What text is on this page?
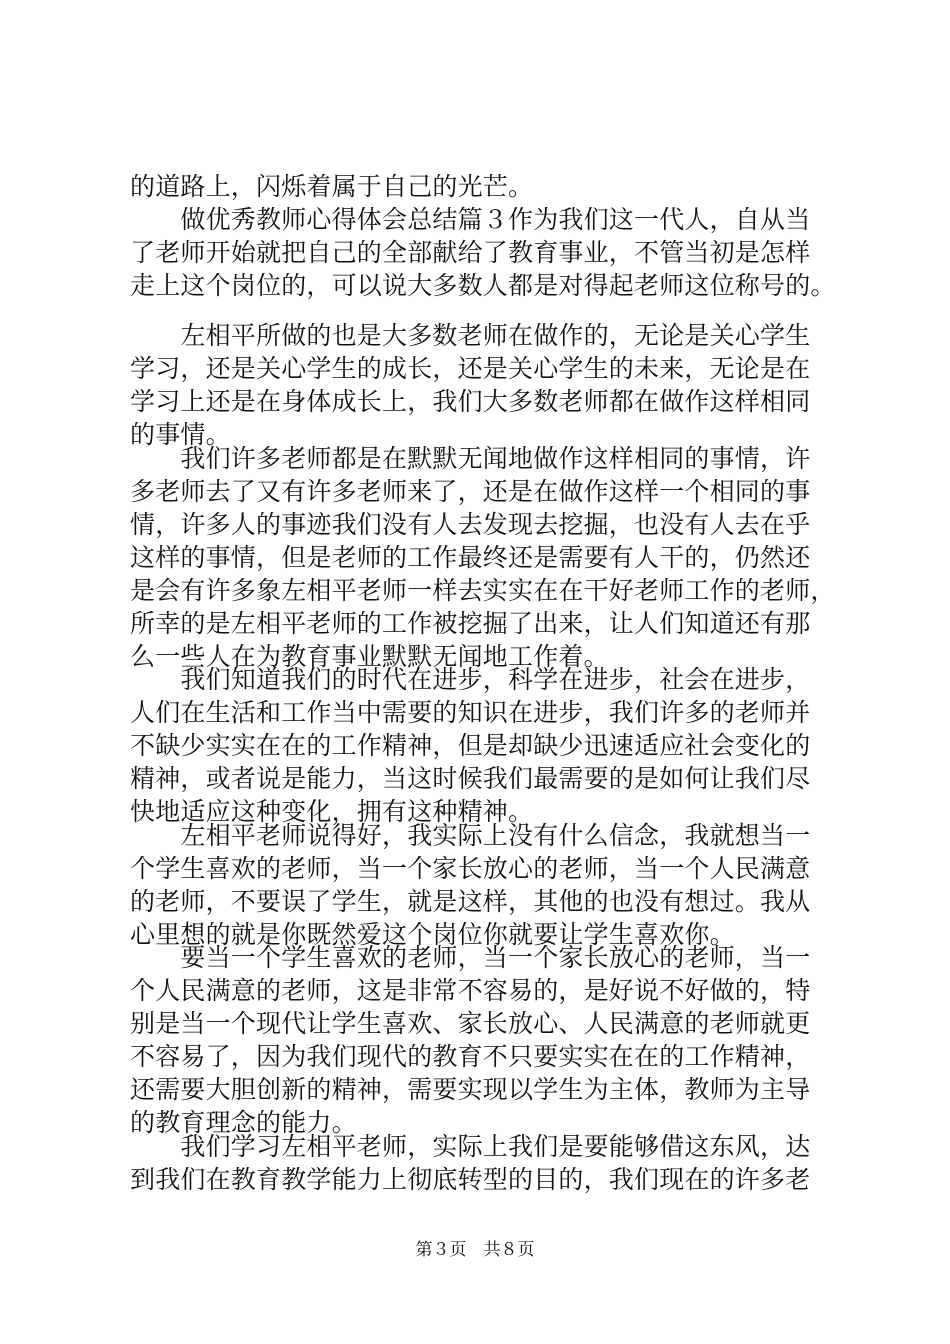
的道路上，闪烁着属于自己的光芒。
　　做优秀教师心得体会总结篇３作为我们这一代人，自从当
了老师开始就把自己的全部献给了教育事业，不管当初是怎样
走上这个岗位的，可以说大多数人都是对得起老师这位称号的。
　　左相平所做的也是大多数老师在做作的，无论是关心学生
学习，还是关心学生的成长，还是关心学生的未来，无论是在
学习上还是在身体成长上，我们大多数老师都在做作这样相同
的事情。
　　我们许多老师都是在默默无闻地做作这样相同的事情，许
多老师去了又有许多老师来了，还是在做作这样一个相同的事
情，许多人的事迹我们没有人去发现去挖掘，也没有人去在乎
这样的事情，但是老师的工作最终还是需要有人干的，仍然还
是会有许多象左相平老师一样去实实在在干好老师工作的老师，
所幸的是左相平老师的工作被挖掘了出来，让人们知道还有那
么一些人在为教育事业默默无闻地工作着。
　　我们知道我们的时代在进步，科学在进步，社会在进步，
人们在生活和工作当中需要的知识在进步，我们许多的老师并
不缺少实实在在的工作精神，但是却缺少迅速适应社会变化的
精神，或者说是能力，当这时候我们最需要的是如何让我们尽
快地适应这种变化，拥有这种精神。
　　左相平老师说得好，我实际上没有什么信念，我就想当一
个学生喜欢的老师，当一个家长放心的老师，当一个人民满意
的老师，不要误了学生，就是这样，其他的也没有想过。我从
心里想的就是你既然爱这个岗位你就要让学生喜欢你。
　　要当一个学生喜欢的老师，当一个家长放心的老师，当一
个人民满意的老师，这是非常不容易的，是好说不好做的，特
别是当一个现代让学生喜欢、家长放心、人民满意的老师就更
不容易了，因为我们现代的教育不只要实实在在的工作精神，
还需要大胆创新的精神，需要实现以学生为主体，教师为主导
的教育理念的能力。
　　我们学习左相平老师，实际上我们是要能够借这东风，达
到我们在教育教学能力上彻底转型的目的，我们现在的许多老
第３页　共８页
